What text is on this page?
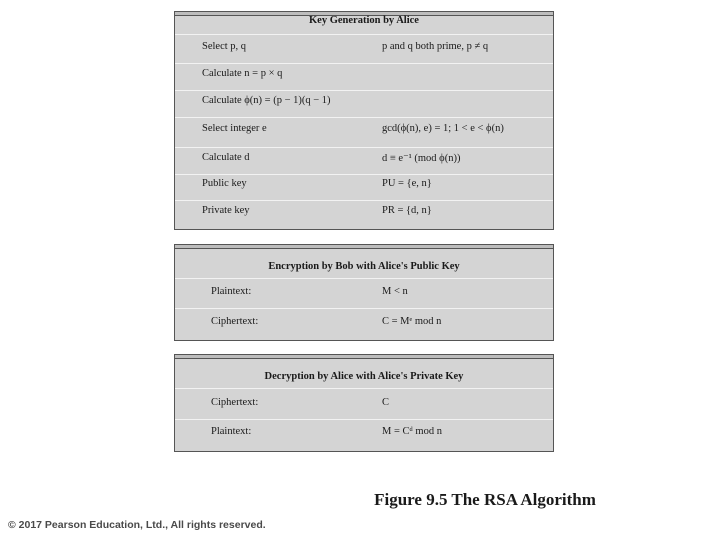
Key Generation by Alice
Select p, q	p and q both prime, p ≠ q
Calculate n = p × q
Calculate ϕ(n) = (p − 1)(q − 1)
Select integer e	gcd(ϕ(n), e) = 1; 1 < e < ϕ(n)
Calculate d	d ≡ e⁻¹ (mod ϕ(n))
Public key	PU = {e, n}
Private key	PR = {d, n}
Encryption by Bob with Alice's Public Key
Plaintext:	M < n
Ciphertext:	C = Mᵉ mod n
Decryption by Alice with Alice's Private Key
Ciphertext:	C
Plaintext:	M = Cᵈ mod n
Figure 9.5 The RSA Algorithm
© 2017 Pearson Education, Ltd., All rights reserved.
